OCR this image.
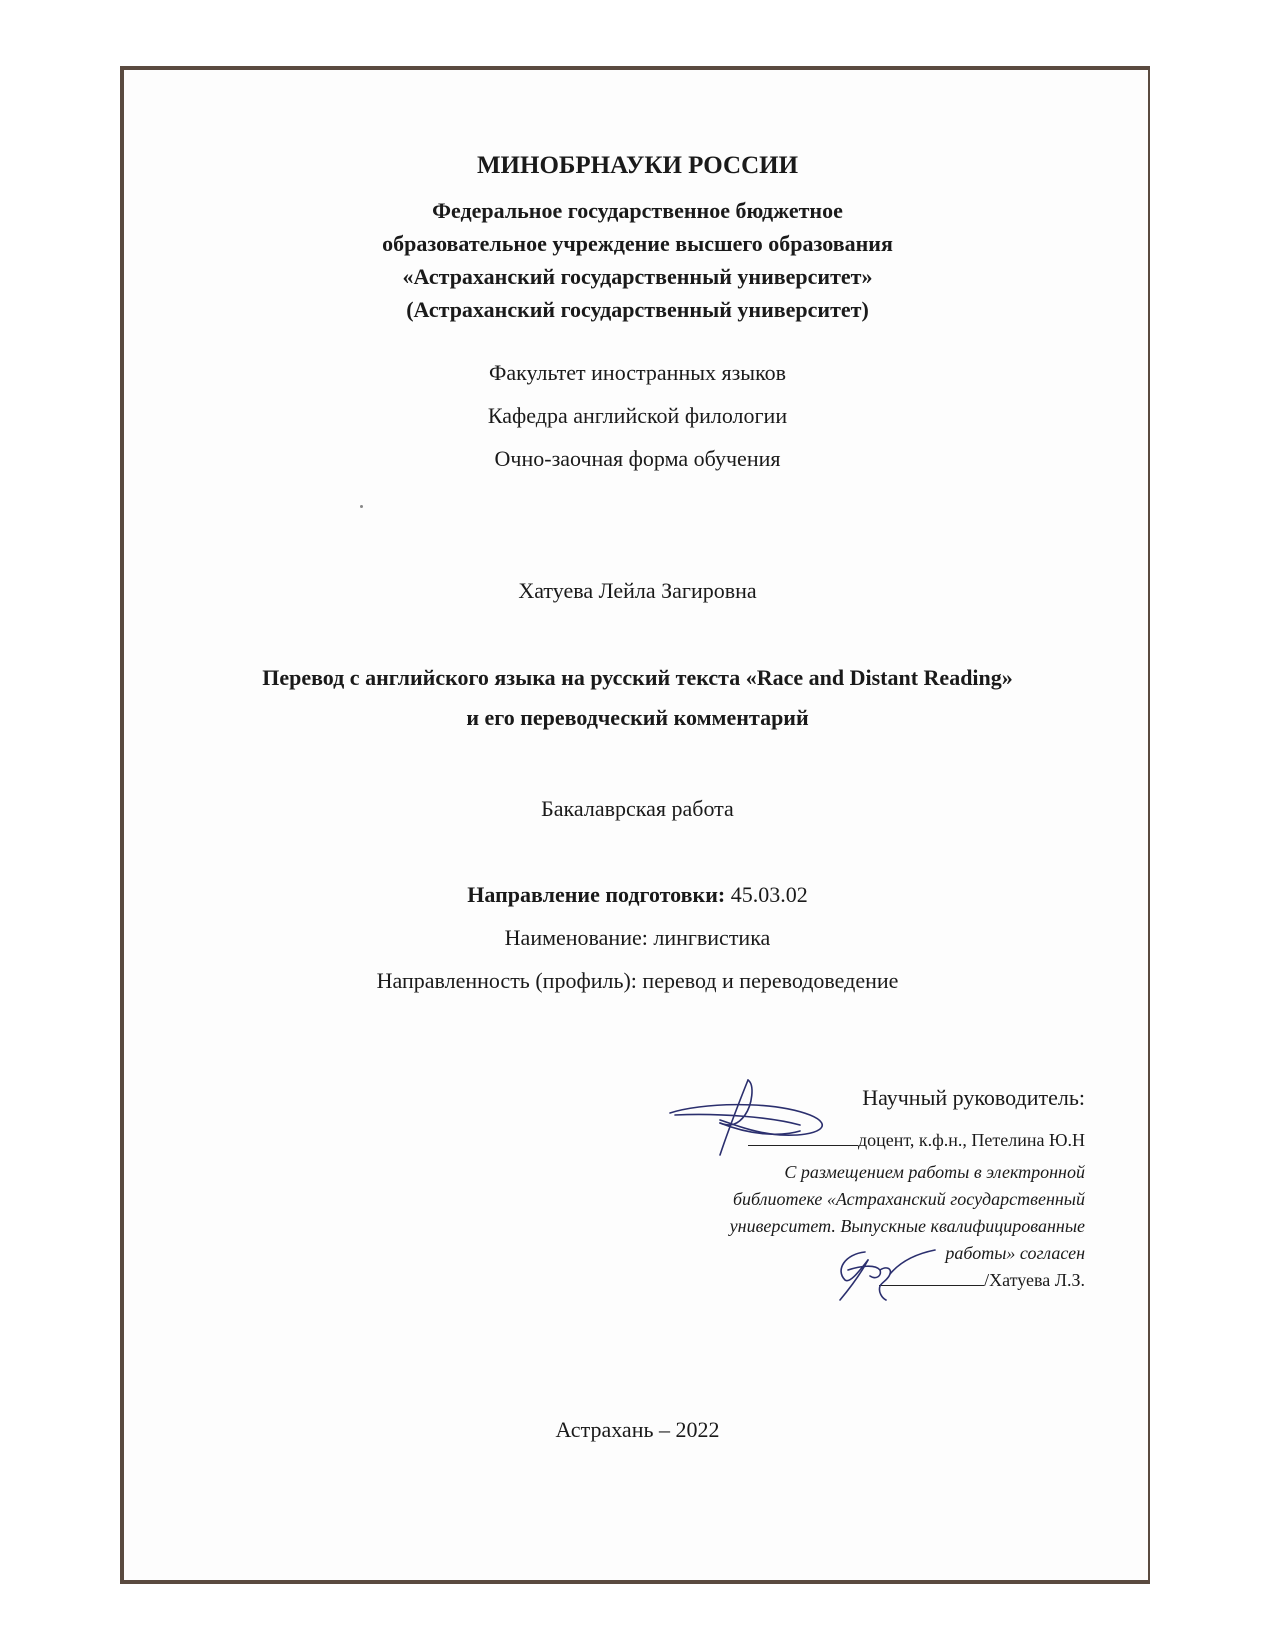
МИНОБРНАУКИ РОССИИ
Федеральное государственное бюджетное
образовательное учреждение высшего образования
«Астраханский государственный университет»
(Астраханский государственный университет)
Факультет иностранных языков
Кафедра английской филологии
Очно-заочная форма обучения
Хатуева Лейла Загировна
Перевод с английского языка на русский текста «Race and Distant Reading»
и его переводческий комментарий
Бакалаврская работа
Направление подготовки: 45.03.02
Наименование: лингвистика
Направленность (профиль): перевод и переводоведение
Научный руководитель:
доцент, к.ф.н., Петелина Ю.Н
С размещением работы в электронной
библиотеке «Астраханский государственный
университет. Выпускные квалифицированные
работы» согласен
/Хатуева Л.З.
Астрахань – 2022
